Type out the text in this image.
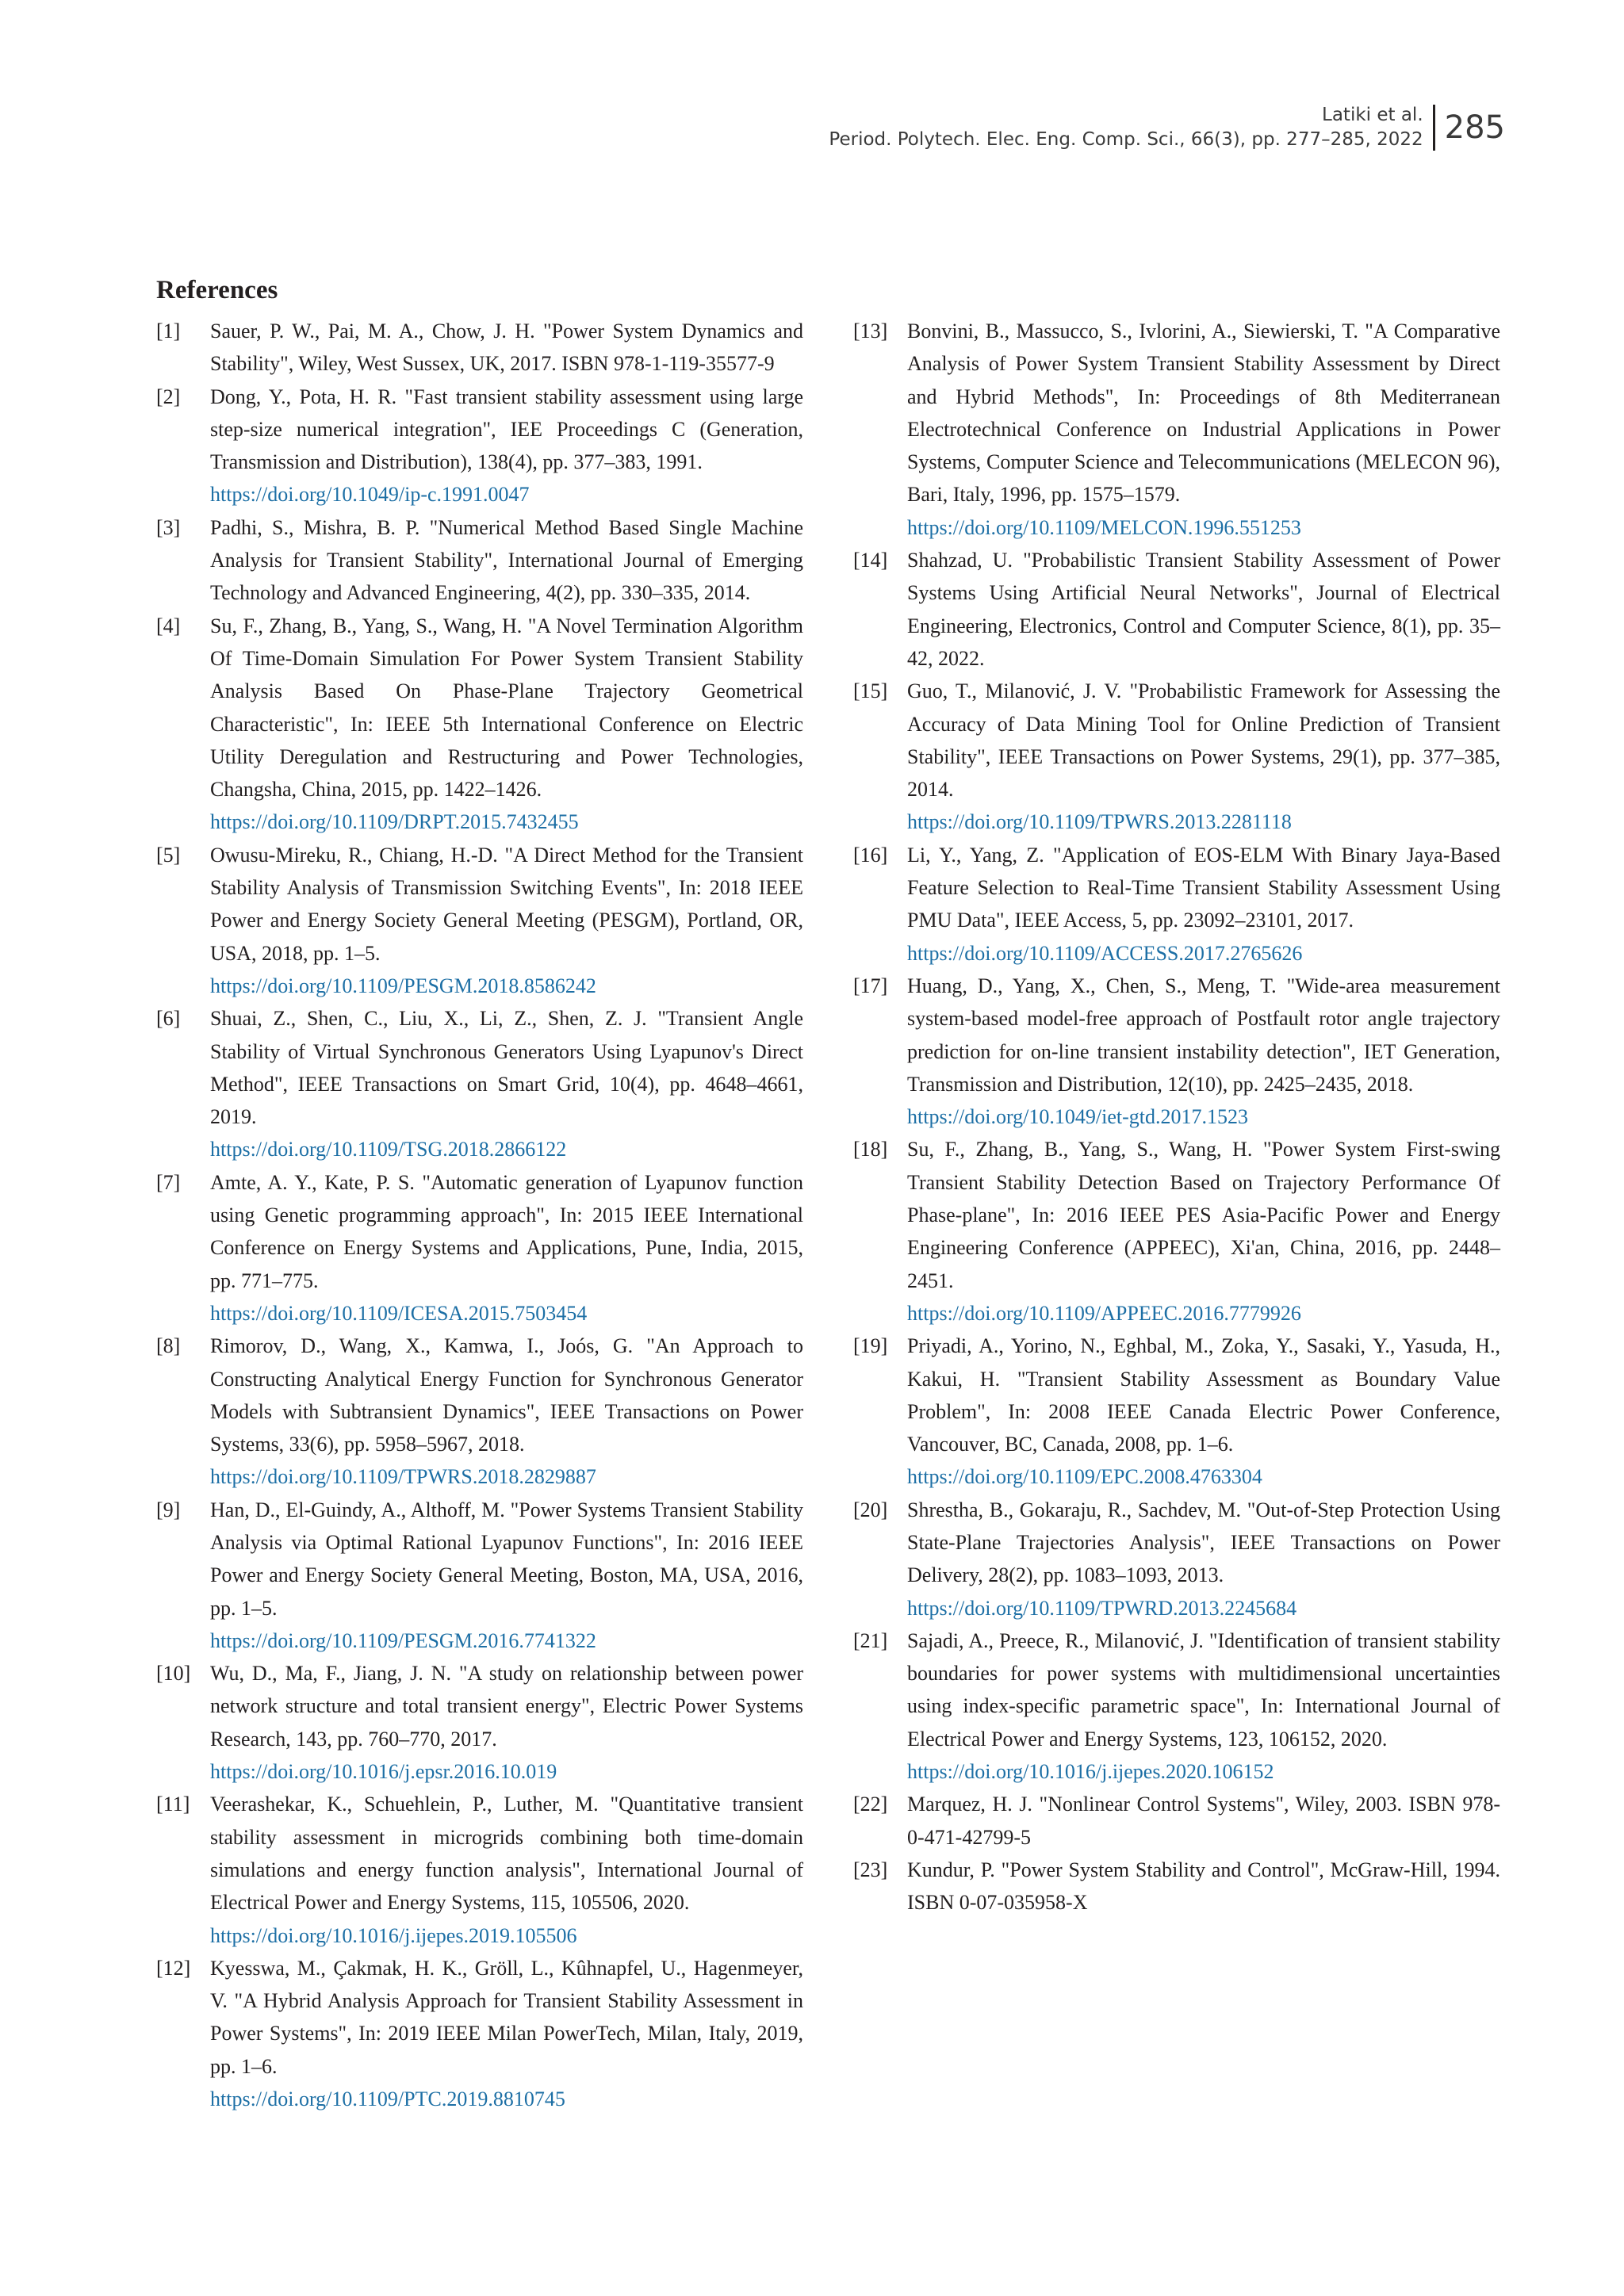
Latiki et al.
Period. Polytech. Elec. Eng. Comp. Sci., 66(3), pp. 277–285, 2022 285
References
[1]	Sauer, P. W., Pai, M. A., Chow, J. H. "Power System Dynamics and Stability", Wiley, West Sussex, UK, 2017. ISBN 978-1-119-35577-9
[2]	Dong, Y., Pota, H. R. "Fast transient stability assessment using large step-size numerical integration", IEE Proceedings C (Generation, Transmission and Distribution), 138(4), pp. 377–383, 1991.
https://doi.org/10.1049/ip-c.1991.0047
[3]	Padhi, S., Mishra, B. P. "Numerical Method Based Single Machine Analysis for Transient Stability", International Journal of Emerging Technology and Advanced Engineering, 4(2), pp. 330–335, 2014.
[4]	Su, F., Zhang, B., Yang, S., Wang, H. "A Novel Termination Algorithm Of Time-Domain Simulation For Power System Transient Stability Analysis Based On Phase-Plane Trajectory Geometrical Characteristic", In: IEEE 5th International Conference on Electric Utility Deregulation and Restructuring and Power Technologies, Changsha, China, 2015, pp. 1422–1426.
https://doi.org/10.1109/DRPT.2015.7432455
[5]	Owusu-Mireku, R., Chiang, H.-D. "A Direct Method for the Transient Stability Analysis of Transmission Switching Events", In: 2018 IEEE Power and Energy Society General Meeting (PESGM), Portland, OR, USA, 2018, pp. 1–5.
https://doi.org/10.1109/PESGM.2018.8586242
[6]	Shuai, Z., Shen, C., Liu, X., Li, Z., Shen, Z. J. "Transient Angle Stability of Virtual Synchronous Generators Using Lyapunov's Direct Method", IEEE Transactions on Smart Grid, 10(4), pp. 4648–4661, 2019.
https://doi.org/10.1109/TSG.2018.2866122
[7]	Amte, A. Y., Kate, P. S. "Automatic generation of Lyapunov function using Genetic programming approach", In: 2015 IEEE International Conference on Energy Systems and Applications, Pune, India, 2015, pp. 771–775.
https://doi.org/10.1109/ICESA.2015.7503454
[8]	Rimorov, D., Wang, X., Kamwa, I., Joós, G. "An Approach to Constructing Analytical Energy Function for Synchronous Generator Models with Subtransient Dynamics", IEEE Transactions on Power Systems, 33(6), pp. 5958–5967, 2018.
https://doi.org/10.1109/TPWRS.2018.2829887
[9]	Han, D., El-Guindy, A., Althoff, M. "Power Systems Transient Stability Analysis via Optimal Rational Lyapunov Functions", In: 2016 IEEE Power and Energy Society General Meeting, Boston, MA, USA, 2016, pp. 1–5.
https://doi.org/10.1109/PESGM.2016.7741322
[10] Wu, D., Ma, F., Jiang, J. N. "A study on relationship between power network structure and total transient energy", Electric Power Systems Research, 143, pp. 760–770, 2017.
https://doi.org/10.1016/j.epsr.2016.10.019
[11] Veerashekar, K., Schuehlein, P., Luther, M. "Quantitative transient stability assessment in microgrids combining both time-domain simulations and energy function analysis", International Journal of Electrical Power and Energy Systems, 115, 105506, 2020.
https://doi.org/10.1016/j.ijepes.2019.105506
[12] Kyesswa, M., Çakmak, H. K., Gröll, L., Kûhnapfel, U., Hagenmeyer, V. "A Hybrid Analysis Approach for Transient Stability Assessment in Power Systems", In: 2019 IEEE Milan PowerTech, Milan, Italy, 2019, pp. 1–6.
https://doi.org/10.1109/PTC.2019.8810745
[13] Bonvini, B., Massucco, S., Ivlorini, A., Siewierski, T. "A Comparative Analysis of Power System Transient Stability Assessment by Direct and Hybrid Methods", In: Proceedings of 8th Mediterranean Electrotechnical Conference on Industrial Applications in Power Systems, Computer Science and Telecommunications (MELECON 96), Bari, Italy, 1996, pp. 1575–1579.
https://doi.org/10.1109/MELCON.1996.551253
[14] Shahzad, U. "Probabilistic Transient Stability Assessment of Power Systems Using Artificial Neural Networks", Journal of Electrical Engineering, Electronics, Control and Computer Science, 8(1), pp. 35–42, 2022.
[15] Guo, T., Milanović, J. V. "Probabilistic Framework for Assessing the Accuracy of Data Mining Tool for Online Prediction of Transient Stability", IEEE Transactions on Power Systems, 29(1), pp. 377–385, 2014.
https://doi.org/10.1109/TPWRS.2013.2281118
[16] Li, Y., Yang, Z. "Application of EOS-ELM With Binary Jaya-Based Feature Selection to Real-Time Transient Stability Assessment Using PMU Data", IEEE Access, 5, pp. 23092–23101, 2017.
https://doi.org/10.1109/ACCESS.2017.2765626
[17] Huang, D., Yang, X., Chen, S., Meng, T. "Wide-area measurement system-based model-free approach of Postfault rotor angle trajectory prediction for on-line transient instability detection", IET Generation, Transmission and Distribution, 12(10), pp. 2425–2435, 2018.
https://doi.org/10.1049/iet-gtd.2017.1523
[18] Su, F., Zhang, B., Yang, S., Wang, H. "Power System First-swing Transient Stability Detection Based on Trajectory Performance Of Phase-plane", In: 2016 IEEE PES Asia-Pacific Power and Energy Engineering Conference (APPEEC), Xi'an, China, 2016, pp. 2448–2451.
https://doi.org/10.1109/APPEEC.2016.7779926
[19] Priyadi, A., Yorino, N., Eghbal, M., Zoka, Y., Sasaki, Y., Yasuda, H., Kakui, H. "Transient Stability Assessment as Boundary Value Problem", In: 2008 IEEE Canada Electric Power Conference, Vancouver, BC, Canada, 2008, pp. 1–6.
https://doi.org/10.1109/EPC.2008.4763304
[20] Shrestha, B., Gokaraju, R., Sachdev, M. "Out-of-Step Protection Using State-Plane Trajectories Analysis", IEEE Transactions on Power Delivery, 28(2), pp. 1083–1093, 2013.
https://doi.org/10.1109/TPWRD.2013.2245684
[21] Sajadi, A., Preece, R., Milanović, J. "Identification of transient stability boundaries for power systems with multidimensional uncertainties using index-specific parametric space", In: International Journal of Electrical Power and Energy Systems, 123, 106152, 2020.
https://doi.org/10.1016/j.ijepes.2020.106152
[22] Marquez, H. J. "Nonlinear Control Systems", Wiley, 2003. ISBN 978-0-471-42799-5
[23] Kundur, P. "Power System Stability and Control", McGraw-Hill, 1994. ISBN 0-07-035958-X
